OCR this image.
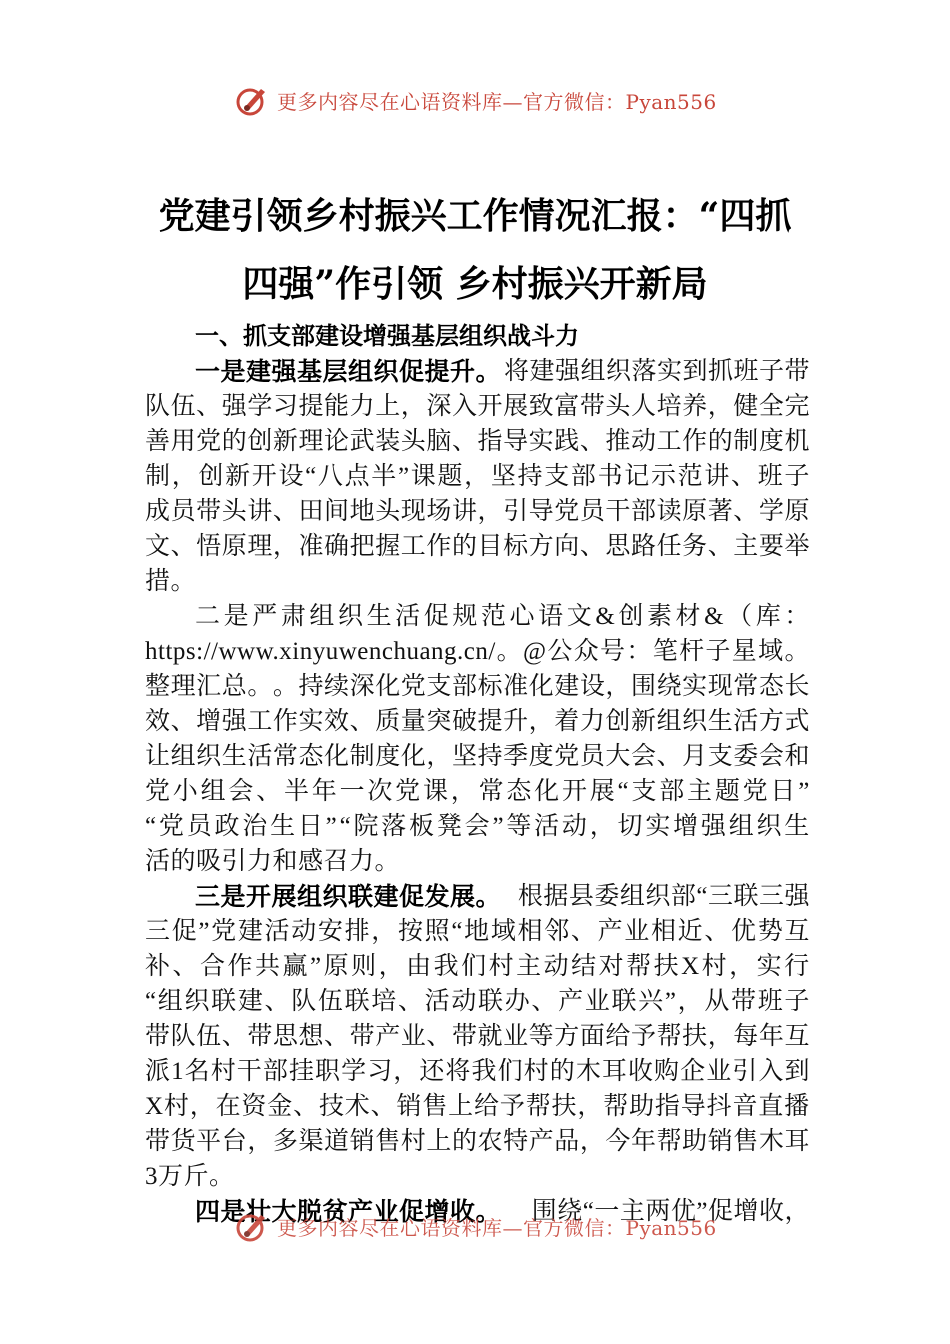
更多内容尽在心语资料库—官方微信：Pyan556
党建引领乡村振兴工作情况汇报：“四抓
四强”作引领 乡村振兴开新局
一、抓支部建设增强基层组织战斗力
一是建强基层组织促提升。 将建强组织落实到抓班子带
队 伍 、 强 学 习 提 能 力 上 ， 深 入 开 展 致 富 带 头 人 培 养 ， 健 全 完
善 用 党 的 创 新 理 论 武 装 头 脑 、 指 导 实 践 、 推 动 工 作 的 制 度 机
制 ， 创 新 开 设 “ 八 点 半 ” 课 题 ， 坚 持 支 部 书 记 示 范 讲 、 班 子
成 员 带 头 讲 、 田 间 地 头 现 场 讲 ， 引 导 党 员 干 部 读 原 著 、 学 原
文 、 悟 原 理 ， 准 确 把 握 工 作 的 目 标 方 向 、 思 路 任 务 、 主 要 举
措。
二 是 严 肃 组 织 生 活 促 规 范 心 语 文 & 创 素 材 & （ 库 ：
https://www.xinyuwenchuang.cn/ 。 @ 公 众 号 ： 笔 杆 子 星 域 。
整 理 汇 总 。 。 持 续 深 化 党 支 部 标 准 化 建 设 ， 围 绕 实 现 常 态 长
效 、 增 强 工 作 实 效 、 质 量 突 破 提 升 ， 着 力 创 新 组 织 生 活 方 式
让 组 织 生 活 常 态 化 制 度 化 ， 坚 持 季 度 党 员 大 会 、 月 支 委 会 和
党 小 组 会 、 半 年 一 次 党 课 ， 常 态 化 开 展 “ 支 部 主 题 党 日 ”
“ 党 员 政 治 生 日 ” “ 院 落 板 凳 会 ” 等 活 动 ， 切 实 增 强 组 织 生
活的吸引力和感召力。
三是开展组织联建促发展。 根据县委组织部“三联三强
三 促 ” 党 建 活 动 安 排 ， 按 照 “ 地 域 相 邻 、 产 业 相 近 、 优 势 互
补 、 合 作 共 赢 ” 原 则 ， 由 我 们 村 主 动 结 对 帮 扶 X 村 ， 实 行
“ 组 织 联 建 、 队 伍 联 培 、 活 动 联 办 、 产 业 联 兴 ” ， 从 带 班 子
带 队 伍 、 带 思 想 、 带 产 业 、 带 就 业 等 方 面 给 予 帮 扶 ， 每 年 互
派 1 名 村 干 部 挂 职 学 习 ， 还 将 我 们 村 的 木 耳 收 购 企 业 引 入 到
X 村 ， 在 资 金 、 技 术 、 销 售 上 给 予 帮 扶 ， 帮 助 指 导 抖 音 直 播
带 货 平 台 ， 多 渠 道 销 售 村 上 的 农 特 产 品 ， 今 年 帮 助 销 售 木 耳
3万斤。
四是壮大脱贫产业促增收。 围绕“一主两优”促增收，
更多内容尽在心语资料库—官方微信：Pyan556
